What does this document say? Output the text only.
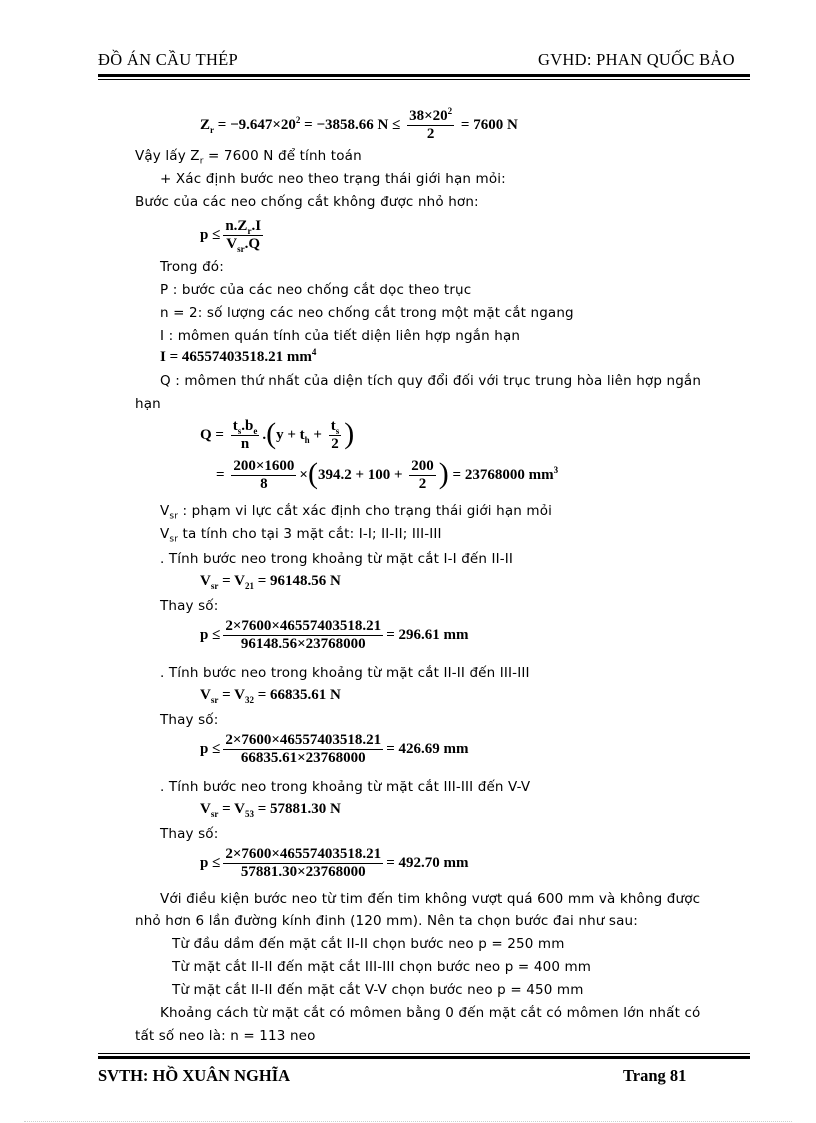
ĐỒ ÁN CẦU THÉP	GVHD: PHAN QUỐC BẢO
$Z_r = -9.647\times 20^2 = -3858.66$ $N \le \frac{38\times 20^2}{2} = 7600$ N
Vậy lấy $Z_r = 7600$ N để tính toán
+ Xác định bước neo theo trạng thái giới hạn mỏi:
Bước của các neo chống cắt không được nhỏ hơn:
$p \le \frac{n.Z_r.I}{V_{sr}.Q}$
Trong đó:
P : bước của các neo chống cắt dọc theo trục
n = 2: số lượng các neo chống cắt trong một mặt cắt ngang
I : mômen quán tính của tiết diện liên hợp ngắn hạn
I = 46557403518.21 $mm^4$
Q : mômen thứ nhất của diện tích quy đổi đối với trục trung hòa liên hợp ngắn
hạn
$Q = \frac{t_s.b_e}{n} .(y + t_h + \frac{t_s}{2}$ )
= $\frac{200\times 1600}{8} \times(394.2 + 100 + \frac{200}{2}$ ) = 23768000 $mm^3$
$V_{sr}$ : phạm vi lực cắt xác định cho trạng thái giới hạn mỏi
$V_{sr}$ ta tính cho tại 3 mặt cắt: I-I; II-II; III-III
. Tính bước neo trong khoảng từ mặt cắt I-I đến II-II
$V_{sr} = V_{21} = 96148.56$ N
Thay số:
$p \le \frac{2\times 7600\times 46557403518.21}{96148.56\times 23768000} = 296.61$ mm
. Tính bước neo trong khoảng từ mặt cắt II-II đến III-III
$V_{sr} = V_{32} = 66835.61$ N
Thay số:
$p \le \frac{2\times 7600\times 46557403518.21}{66835.61\times 23768000} = 426.69$ mm
. Tính bước neo trong khoảng từ mặt cắt III-III đến V-V
$V_{sr} = V_{53} = 57881.30$ N
Thay số:
$p \le \frac{2\times 7600\times 46557403518.21}{57881.30\times 23768000} = 492.70$ mm
Với điều kiện bước neo từ tim đến tim không vượt quá 600 mm và không được
nhỏ hơn 6 lần đường kính đinh (120 mm). Nên ta chọn bước đai như sau:
Từ đầu dầm đến mặt cắt II-II chọn bước neo p = 250 mm
Từ mặt cắt II-II đến mặt cắt III-III chọn bước neo p = 400 mm
Từ mặt cắt II-II đến mặt cắt V-V chọn bước neo p = 450 mm
Khoảng cách từ mặt cắt có mômen bằng 0 đến mặt cắt có mômen lớn nhất có
tất số neo là: n = 113 neo
SVTH: HỒ XUÂN NGHĨA	Trang 81
